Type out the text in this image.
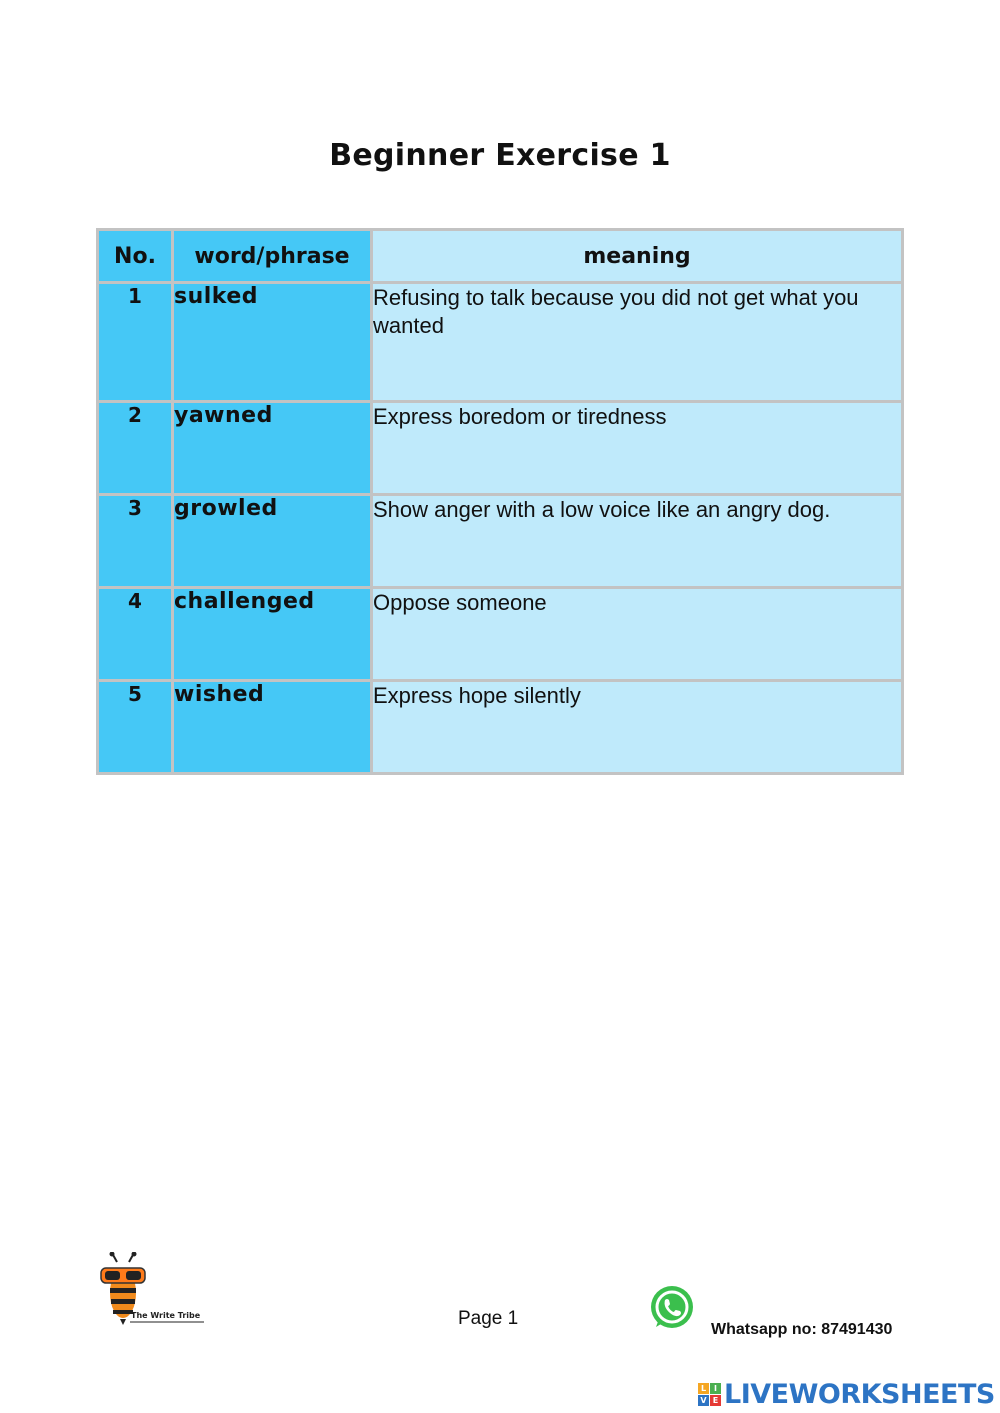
Beginner Exercise 1
No.	word/phrase	meaning
1	sulked	Refusing to talk because you did not get what you wanted
2	yawned	Express boredom or tiredness
3	growled	Show anger with a low voice like an angry dog.
4	challenged	Oppose someone
5	wished	Express hope silently
The Write Tribe	Page 1
Whatsapp no: 87491430
L I
V E LIVEWORKSHEETS
